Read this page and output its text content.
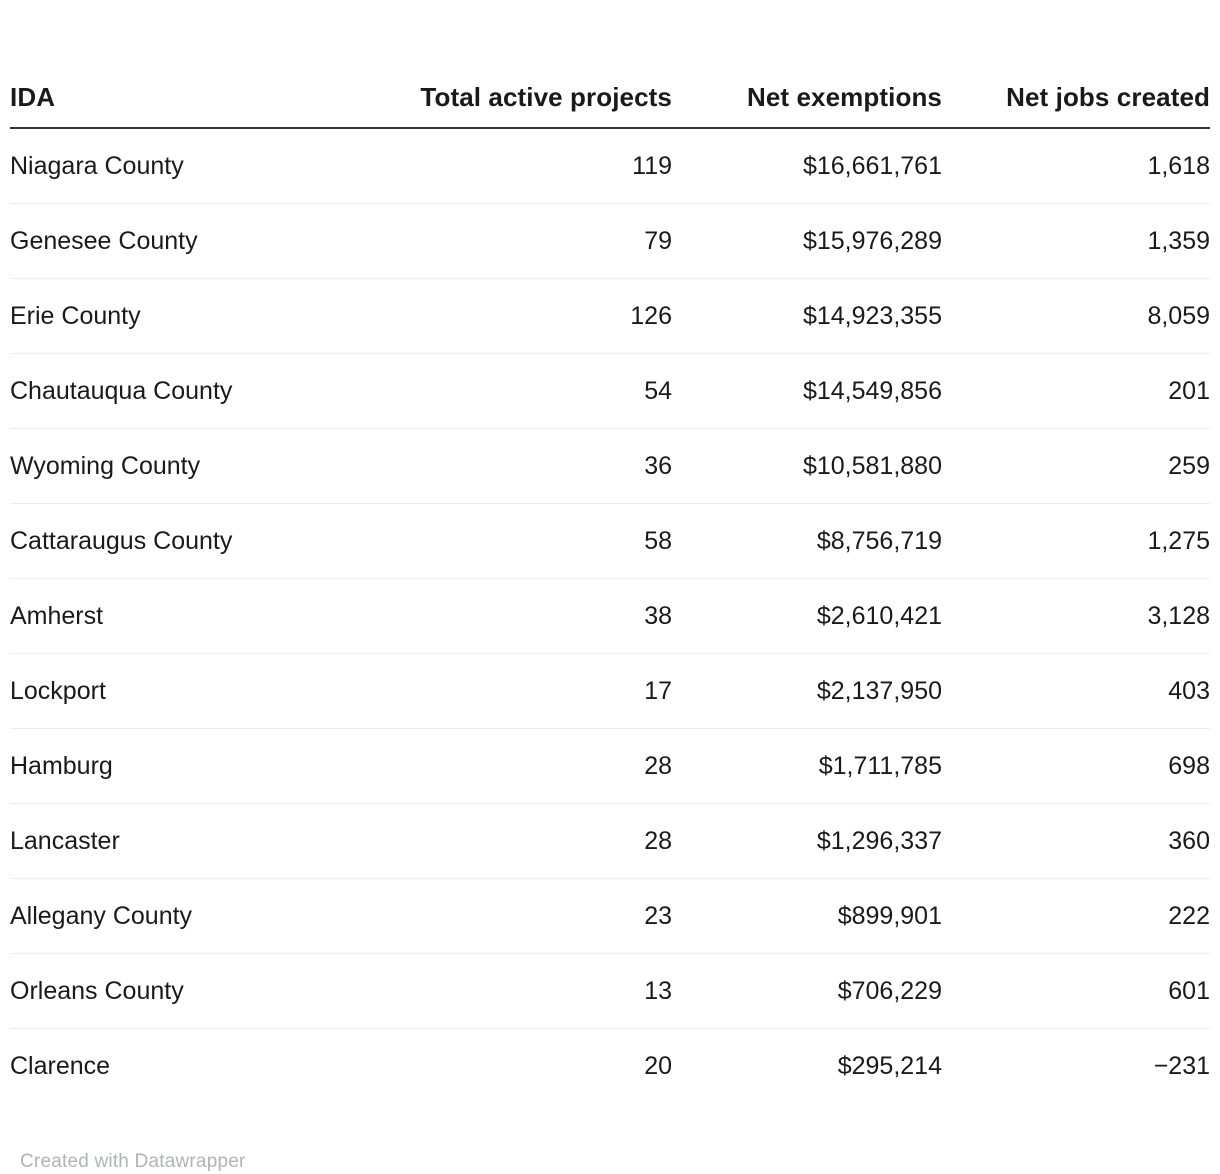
IDA	Total active projects	Net exemptions	Net jobs created

Niagara County	119	$16,661,761	1,618
Genesee County	79	$15,976,289	1,359
Erie County	126	$14,923,355	8,059
Chautauqua County	54	$14,549,856	201
Wyoming County	36	$10,581,880	259
Cattaraugus County	58	$8,756,719	1,275
Amherst	38	$2,610,421	3,128
Lockport	17	$2,137,950	403
Hamburg	28	$1,711,785	698
Lancaster	28	$1,296,337	360
Allegany County	23	$899,901	222
Orleans County	13	$706,229	601
Clarence	20	$295,214	−231
Created with Datawrapper
